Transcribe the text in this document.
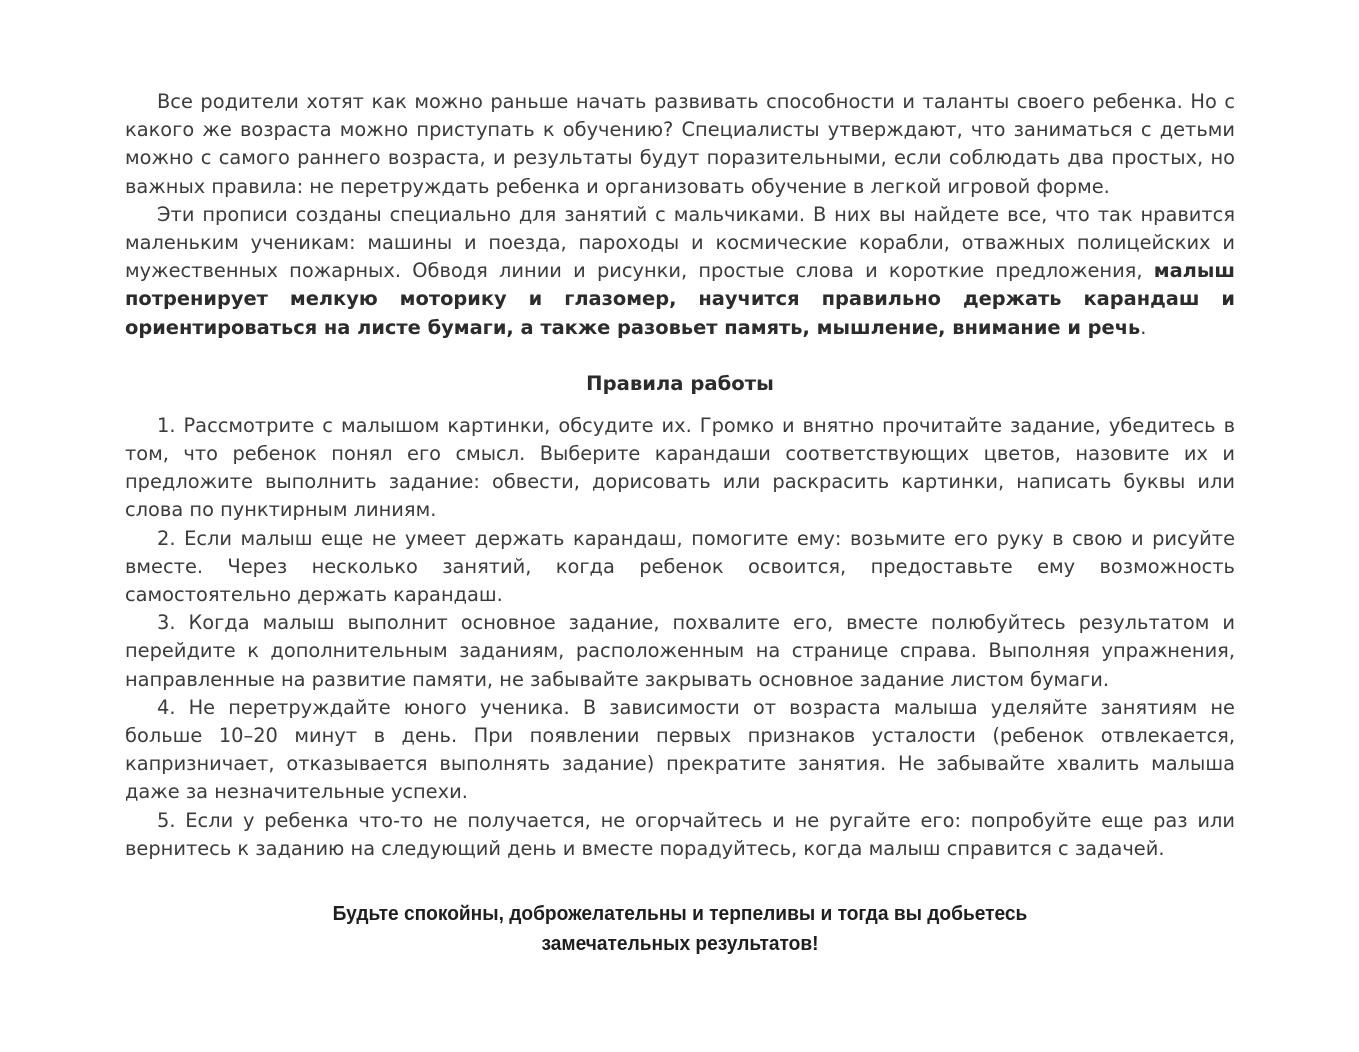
Все родители хотят как можно раньше начать развивать способности и таланты своего ребенка. Но с какого же возраста можно приступать к обучению? Специалисты утверждают, что заниматься с детьми можно с самого раннего возраста, и результаты будут поразительными, если соблюдать два простых, но важных правила: не перетруждать ребенка и организовать обучение в легкой игровой форме.

Эти прописи созданы специально для занятий с мальчиками. В них вы найдете все, что так нравится маленьким ученикам: машины и поезда, пароходы и космические корабли, отважных полицейских и мужественных пожарных. Обводя линии и рисунки, простые слова и короткие предложения, малыш потренирует мелкую моторику и глазомер, научится правильно держать карандаш и ориентироваться на листе бумаги, а также разовьет память, мышление, внимание и речь.

Правила работы

1. Рассмотрите с малышом картинки, обсудите их. Громко и внятно прочитайте задание, убедитесь в том, что ребенок понял его смысл. Выберите карандаши соответствующих цветов, назовите их и предложите выполнить задание: обвести, дорисовать или раскрасить картинки, написать буквы или слова по пунктирным линиям.

2. Если малыш еще не умеет держать карандаш, помогите ему: возьмите его руку в свою и рисуйте вместе. Через несколько занятий, когда ребенок освоится, предоставьте ему возможность самостоятельно держать карандаш.

3. Когда малыш выполнит основное задание, похвалите его, вместе полюбуйтесь результатом и перейдите к дополнительным заданиям, расположенным на странице справа. Выполняя упражнения, направленные на развитие памяти, не забывайте закрывать основное задание листом бумаги.

4. Не перетруждайте юного ученика. В зависимости от возраста малыша уделяйте занятиям не больше 10–20 минут в день. При появлении первых признаков усталости (ребенок отвлекается, капризничает, отказывается выполнять задание) прекратите занятия. Не забывайте хвалить малыша даже за незначительные успехи.

5. Если у ребенка что-то не получается, не огорчайтесь и не ругайте его: попробуйте еще раз или вернитесь к заданию на следующий день и вместе порадуйтесь, когда малыш справится с задачей.

Будьте спокойны, доброжелательны и терпеливы и тогда вы добьетесь

замечательных результатов!
